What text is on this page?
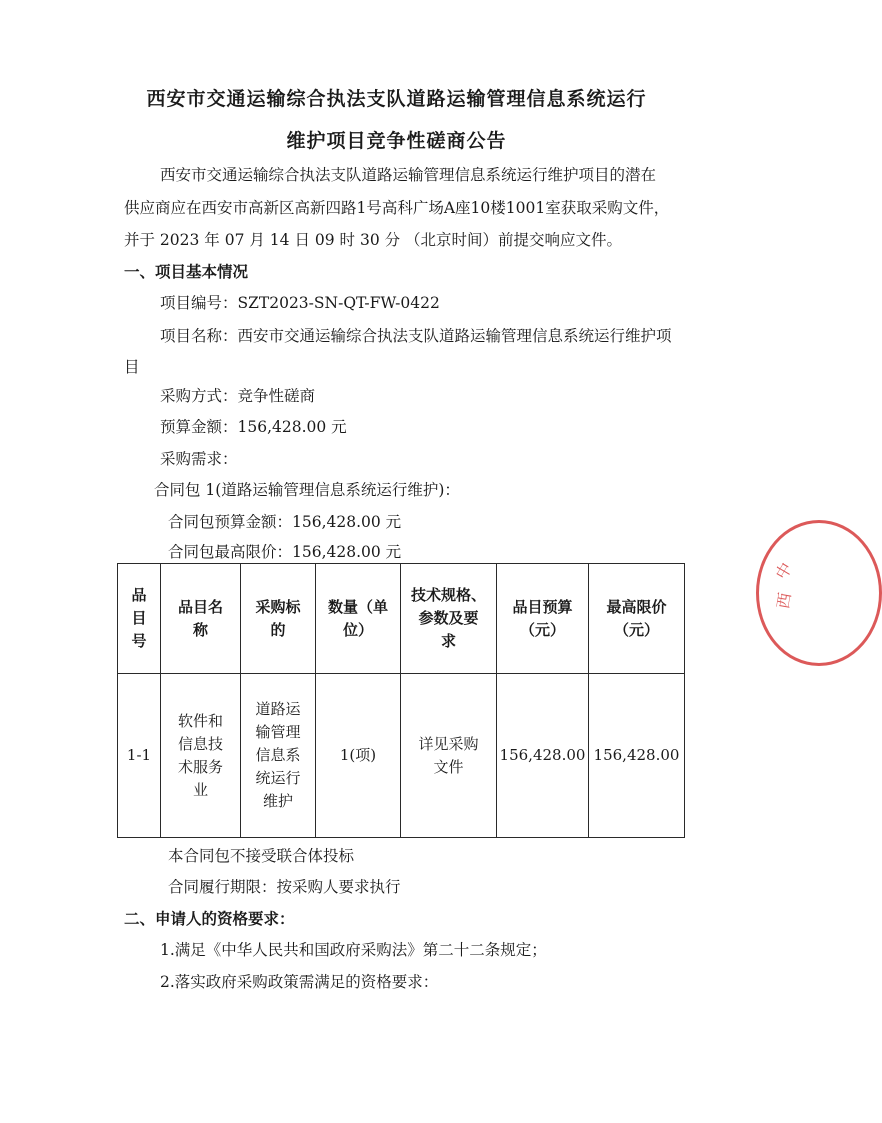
西安市交通运输综合执法支队道路运输管理信息系统运行
维护项目竞争性磋商公告
西安市交通运输综合执法支队道路运输管理信息系统运行维护项目的潜在
供应商应在西安市高新区高新四路1号高科广场A座10楼1001室获取采购文件，
并于 2023 年 07 月 14 日 09 时 30 分 （北京时间）前提交响应文件。
一、项目基本情况
项目编号：SZT2023-SN-QT-FW-0422
项目名称：西安市交通运输综合执法支队道路运输管理信息系统运行维护项
目
采购方式：竞争性磋商
预算金额：156,428.00 元
采购需求：
合同包 1(道路运输管理信息系统运行维护)：
合同包预算金额：156,428.00 元
合同包最高限价：156,428.00 元
品
目
号	品目名
称	采购标
的	数量（单
位）	技术规格、
参数及要
求	品目预算
（元）	最高限价
（元）
1-1	软件和
信息技
术服务
业	道路运
输管理
信息系
统运行
维护	1(项)	详见采购
文件	156,428.00	156,428.00
本合同包不接受联合体投标
合同履行期限：按采购人要求执行
二、申请人的资格要求：
1.满足《中华人民共和国政府采购法》第二十二条规定；
2.落实政府采购政策需满足的资格要求：
西
中
